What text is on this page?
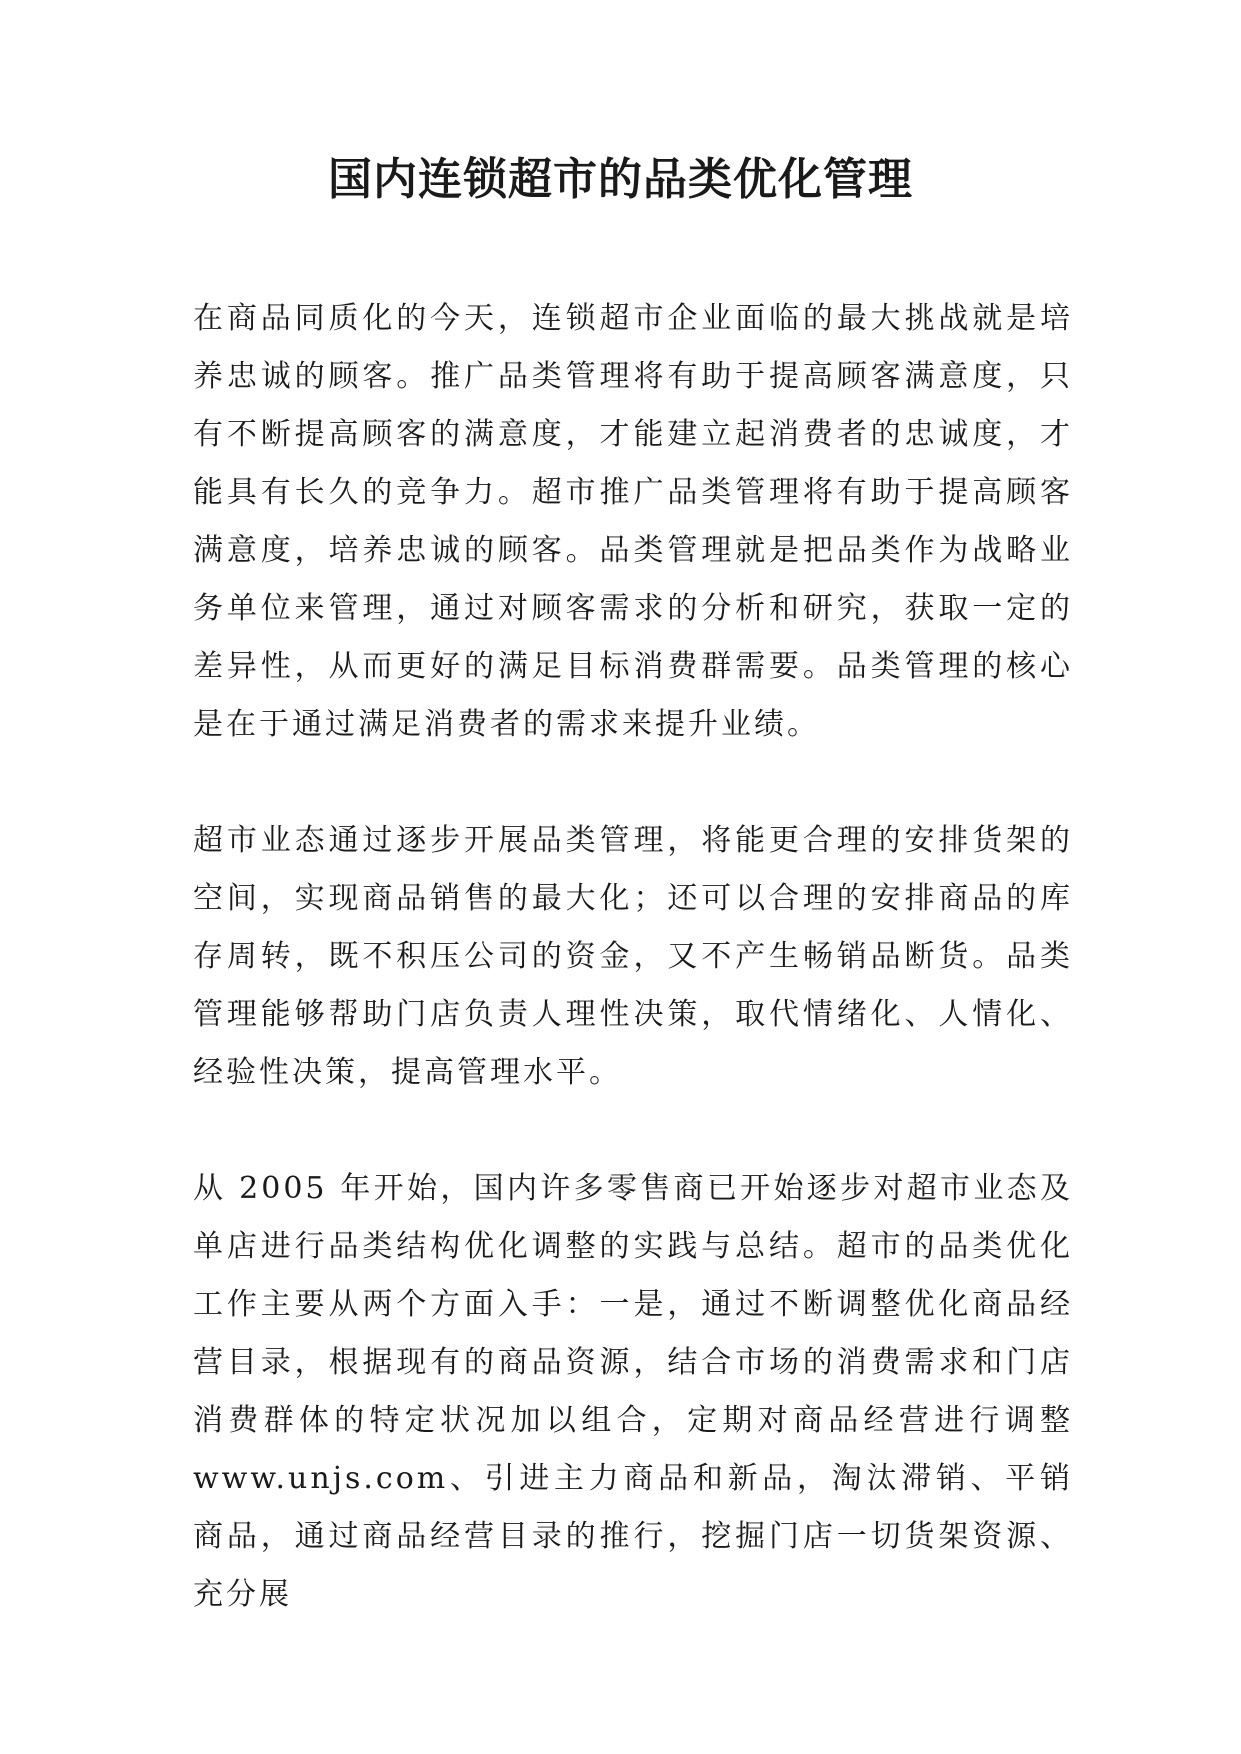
国内连锁超市的品类优化管理

在商品同质化的今天，连锁超市企业面临的最大挑战就是培养忠诚的顾客。推广品类管理将有助于提高顾客满意度，只有不断提高顾客的满意度，才能建立起消费者的忠诚度，才能具有长久的竞争力。超市推广品类管理将有助于提高顾客满意度，培养忠诚的顾客。品类管理就是把品类作为战略业务单位来管理，通过对顾客需求的分析和研究，获取一定的差异性，从而更好的满足目标消费群需要。品类管理的核心是在于通过满足消费者的需求来提升业绩。

超市业态通过逐步开展品类管理，将能更合理的安排货架的空间，实现商品销售的最大化；还可以合理的安排商品的库存周转，既不积压公司的资金，又不产生畅销品断货。品类管理能够帮助门店负责人理性决策，取代情绪化、人情化、经验性决策，提高管理水平。

从 2005 年开始，国内许多零售商已开始逐步对超市业态及单店进行品类结构优化调整的实践与总结。超市的品类优化工作主要从两个方面入手：一是，通过不断调整优化商品经营目录，根据现有的商品资源，结合市场的消费需求和门店消费群体的特定状况加以组合，定期对商品经营进行调整 www.unjs.com、引进主力商品和新品，淘汰滞销、平销商品，通过商品经营目录的推行，挖掘门店一切货架资源、充分展
